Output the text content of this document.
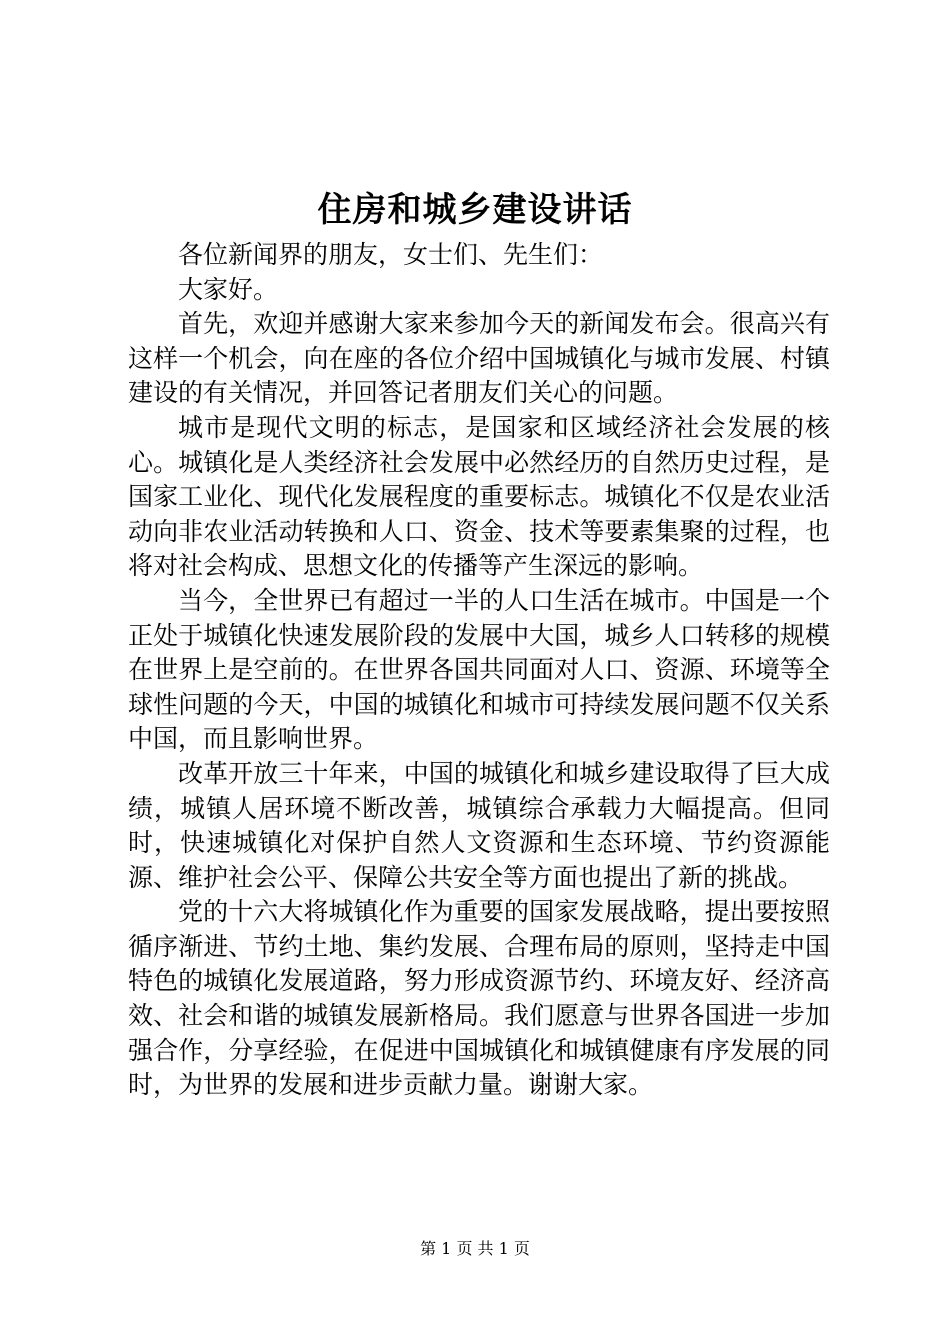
住房和城乡建设讲话

各位新闻界的朋友，女士们、先生们：

大家好。

首先，欢迎并感谢大家来参加今天的新闻发布会。很高兴有这样一个机会，向在座的各位介绍中国城镇化与城市发展、村镇建设的有关情况，并回答记者朋友们关心的问题。

城市是现代文明的标志，是国家和区域经济社会发展的核心。城镇化是人类经济社会发展中必然经历的自然历史过程，是国家工业化、现代化发展程度的重要标志。城镇化不仅是农业活动向非农业活动转换和人口、资金、技术等要素集聚的过程，也将对社会构成、思想文化的传播等产生深远的影响。

当今，全世界已有超过一半的人口生活在城市。中国是一个正处于城镇化快速发展阶段的发展中大国，城乡人口转移的规模在世界上是空前的。在世界各国共同面对人口、资源、环境等全球性问题的今天，中国的城镇化和城市可持续发展问题不仅关系中国，而且影响世界。

改革开放三十年来，中国的城镇化和城乡建设取得了巨大成绩，城镇人居环境不断改善，城镇综合承载力大幅提高。但同时，快速城镇化对保护自然人文资源和生态环境、节约资源能源、维护社会公平、保障公共安全等方面也提出了新的挑战。

党的十六大将城镇化作为重要的国家发展战略，提出要按照循序渐进、节约土地、集约发展、合理布局的原则，坚持走中国特色的城镇化发展道路，努力形成资源节约、环境友好、经济高效、社会和谐的城镇发展新格局。我们愿意与世界各国进一步加强合作，分享经验，在促进中国城镇化和城镇健康有序发展的同时，为世界的发展和进步贡献力量。谢谢大家。

第 1 页 共 1 页
